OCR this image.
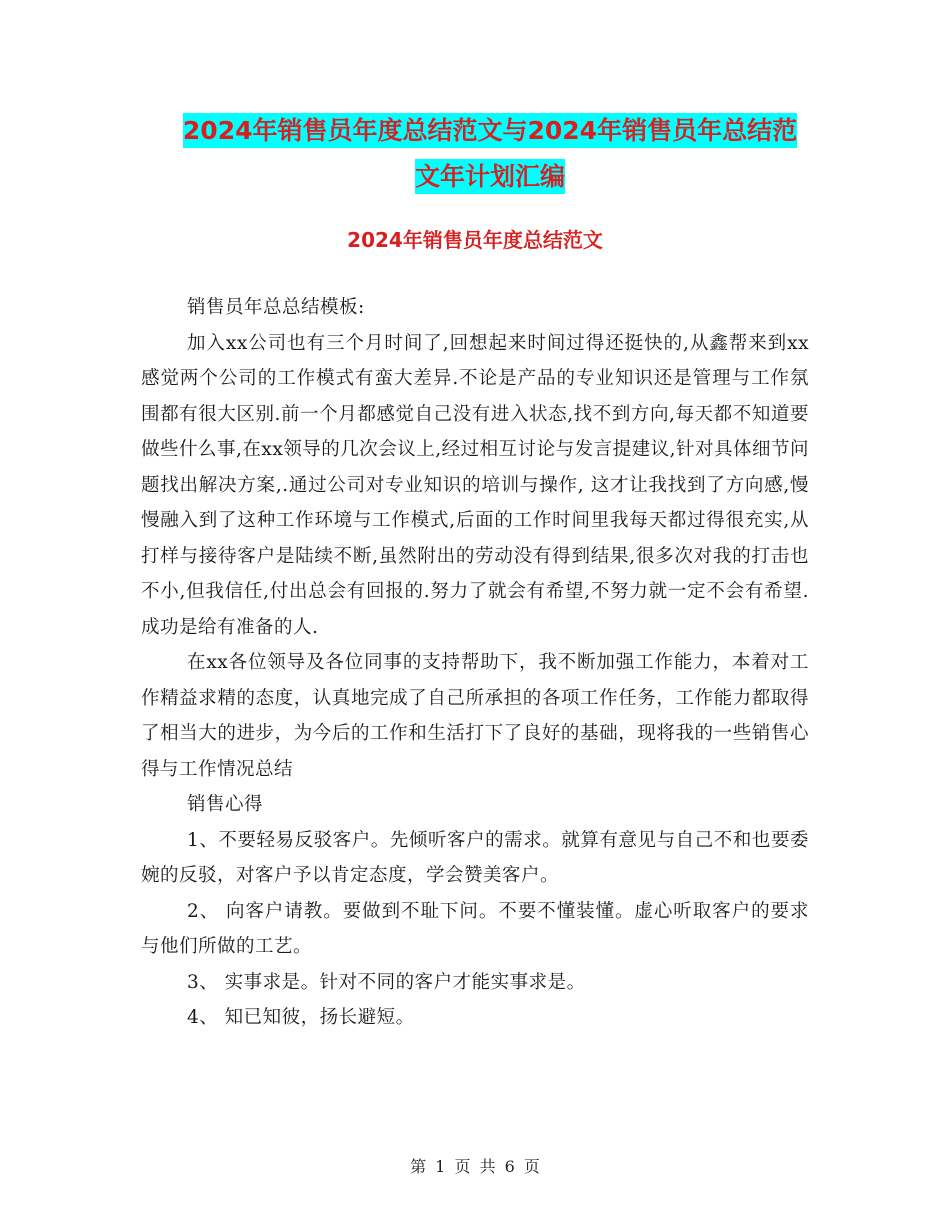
2024年销售员年度总结范文与2024年销售员年总结范
文年计划汇编
2024年销售员年度总结范文

销售员年总总结模板:

加入xx公司也有三个月时间了,回想起来时间过得还挺快的,从鑫帮来到xx感觉两个公司的工作模式有蛮大差异.不论是产品的专业知识还是管理与工作氛围都有很大区别.前一个月都感觉自己没有进入状态,找不到方向,每天都不知道要做些什么事,在xx领导的几次会议上,经过相互讨论与发言提建议,针对具体细节问题找出解决方案,.通过公司对专业知识的培训与操作, 这才让我找到了方向感,慢慢融入到了这种工作环境与工作模式,后面的工作时间里我每天都过得很充实,从打样与接待客户是陆续不断,虽然附出的劳动没有得到结果,很多次对我的打击也不小,但我信任,付出总会有回报的.努力了就会有希望,不努力就一定不会有希望.成功是给有准备的人.

在xx各位领导及各位同事的支持帮助下，我不断加强工作能力，本着对工作精益求精的态度，认真地完成了自己所承担的各项工作任务，工作能力都取得了相当大的进步，为今后的工作和生活打下了良好的基础，现将我的一些销售心得与工作情况总结

销售心得

1、不要轻易反驳客户。先倾听客户的需求。就算有意见与自己不和也要委婉的反驳，对客户予以肯定态度，学会赞美客户。

2、 向客户请教。要做到不耻下问。不要不懂装懂。虚心听取客户的要求与他们所做的工艺。

3、 实事求是。针对不同的客户才能实事求是。

4、 知已知彼，扬长避短。

第 1 页 共 6 页
